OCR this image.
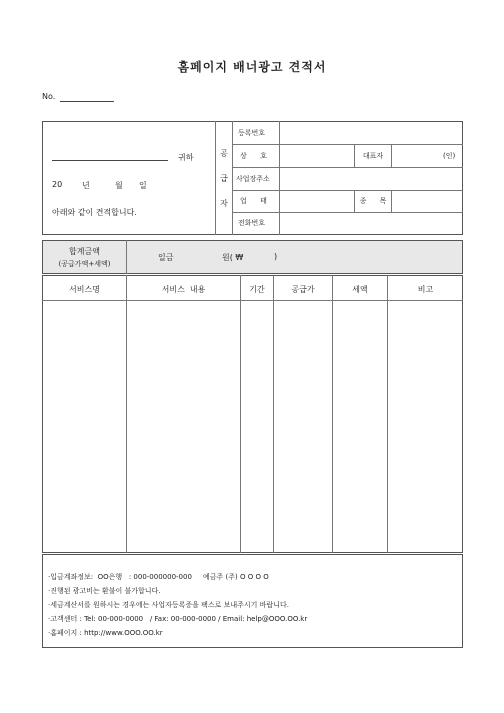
홈페이지 배너광고 견적서
No.
귀하
20 년	월 일
아래와 같이 견적합니다.
공
급
자
등록번호
상      호	대표자	(인)
사업장주소
업      태	종      목
전화번호
합계금액
(공급가액+세액)
일금	원( ₩	)
서비스명	서비스  내용	기간	공급가	세액	비고
·입금계좌정보:  OO은행   : 000-000000-000     예금주 (주) O O O O
·진행된 광고비는 환불이 불가합니다.
·세금계산서를 원하시는 경우에는 사업자등록증을 팩스로 보내주시기 바랍니다.
·고객센터 : Tel: 00-000-0000   / Fax: 00-000-0000 / Email: help@OOO.OO.kr
·홈페이지 : http://www.OOO.OO.kr
